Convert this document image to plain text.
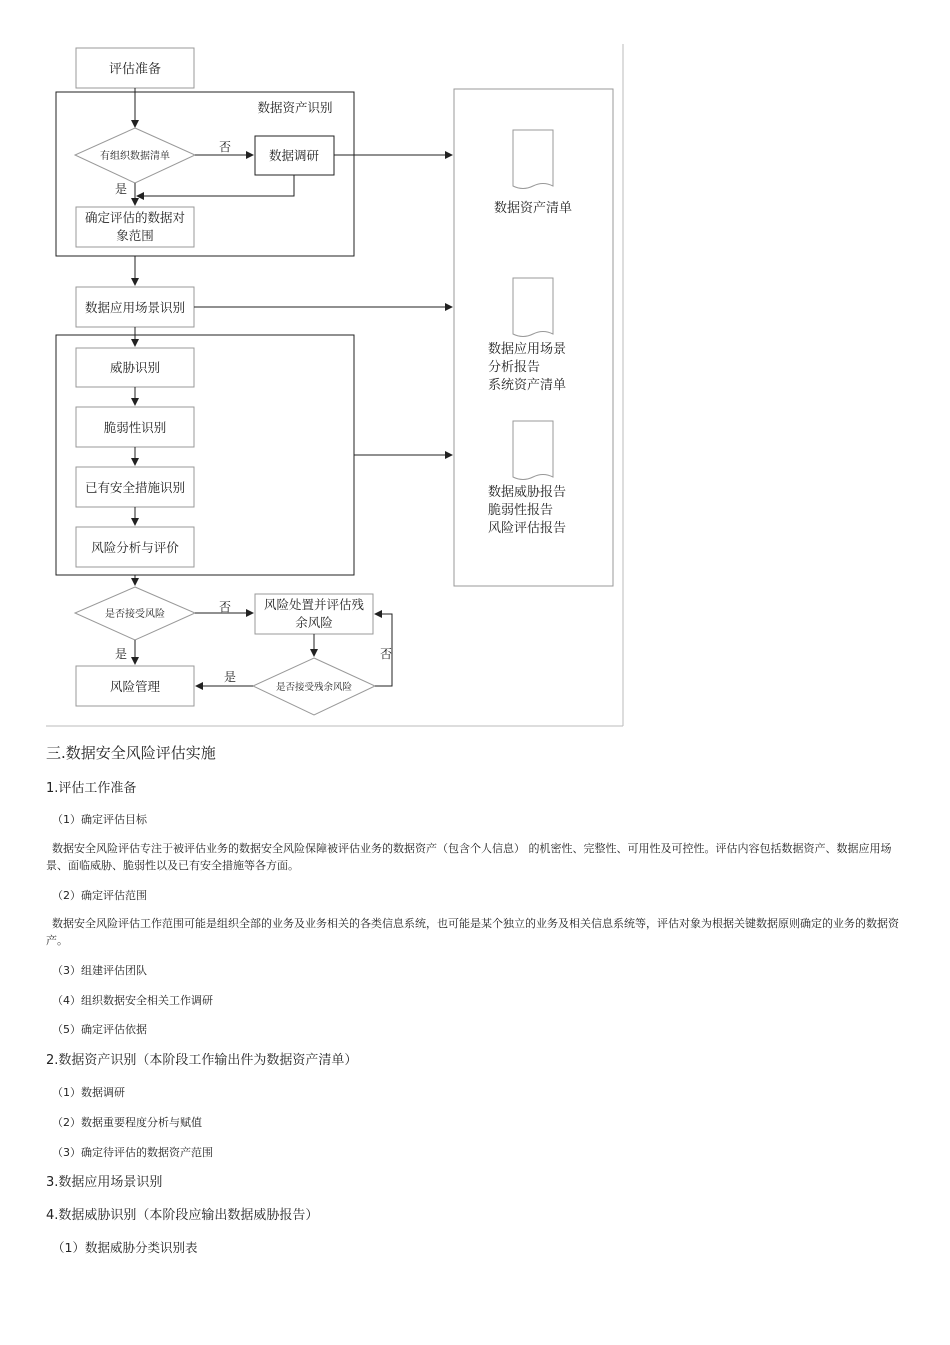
评估准备
数据资产识别
有组织数据清单
否
数据调研
是
确定评估的数据对
象范围
数据应用场景识别
威胁识别
脆弱性识别
已有安全措施识别
风险分析与评价
是否接受风险
否	风险处置并评估残
余风险
是
风险管理	是否接受残余风险
是
否
数据资产清单
数据应用场景
分析报告
系统资产清单
数据威胁报告
脆弱性报告
风险评估报告

三.数据安全风险评估实施

1.评估工作准备

（1）确定评估目标

数据安全风险评估专注于被评估业务的数据安全风险保障被评估业务的数据资产（包含个人信息） 的机密性、完整性、可用性及可控性。评估内容包括数据资产、数据应用场景、面临威胁、脆弱性以及已有安全措施等各方面。

（2）确定评估范围

数据安全风险评估工作范围可能是组织全部的业务及业务相关的各类信息系统，也可能是某个独立的业务及相关信息系统等，评估对象为根据关键数据原则确定的业务的数据资产。

（3）组建评估团队

（4）组织数据安全相关工作调研

（5）确定评估依据

2.数据资产识别（本阶段工作输出件为数据资产清单）

（1）数据调研

（2）数据重要程度分析与赋值

（3）确定待评估的数据资产范围

3.数据应用场景识别

4.数据威胁识别（本阶段应输出数据威胁报告）

（1）数据威胁分类识别表
